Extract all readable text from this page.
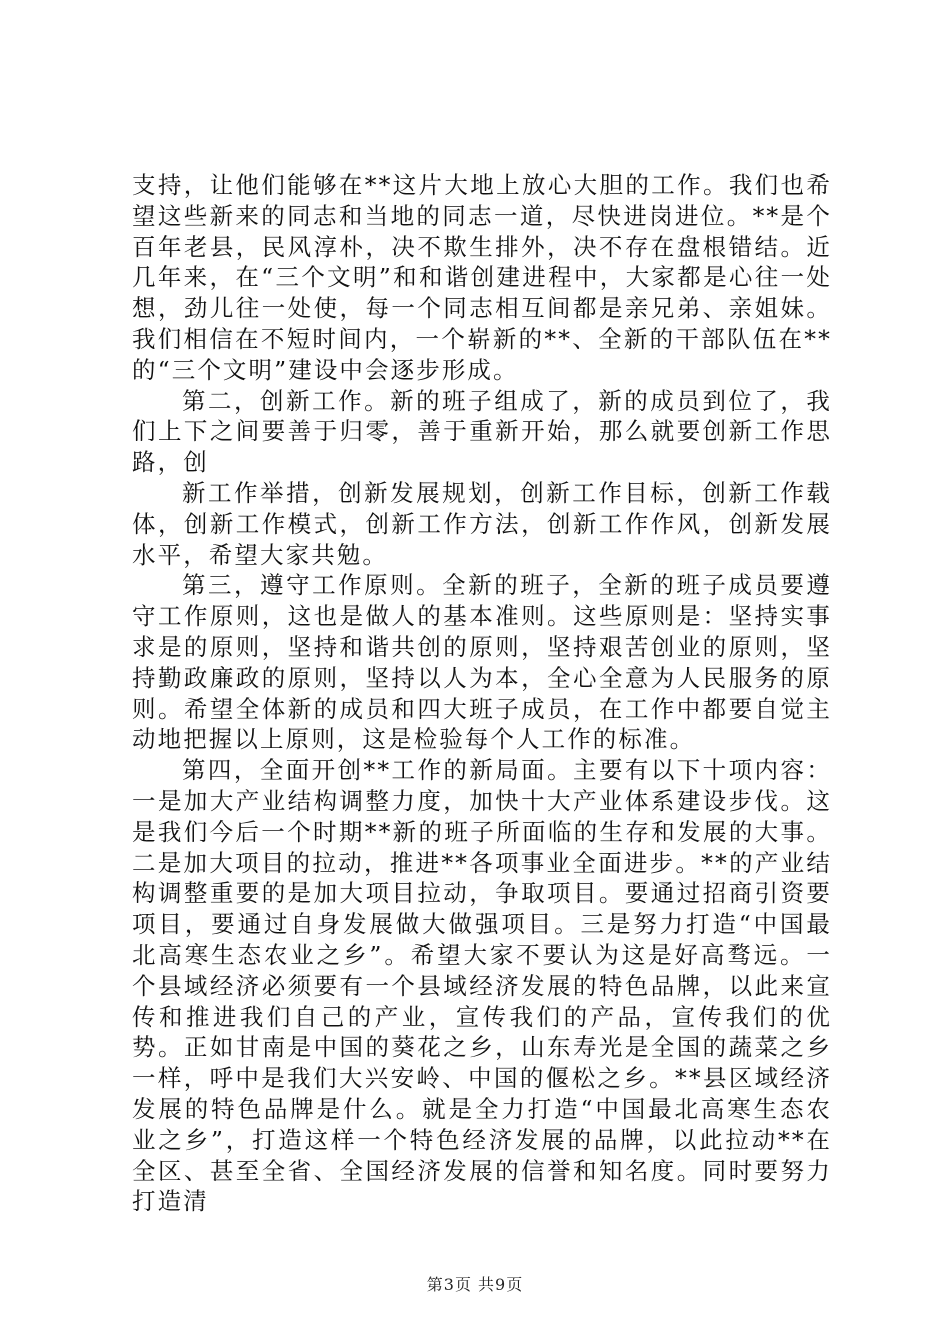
支持，让他们能够在**这片大地上放心大胆的工作。我们也希望这些新来的同志和当地的同志一道，尽快进岗进位。**是个百年老县，民风淳朴，决不欺生排外，决不存在盘根错结。近几年来，在“三个文明”和和谐创建进程中，大家都是心往一处想，劲儿往一处使，每一个同志相互间都是亲兄弟、亲姐妹。我们相信在不短时间内，一个崭新的**、全新的干部队伍在**的“三个文明”建设中会逐步形成。

第二，创新工作。新的班子组成了，新的成员到位了，我们上下之间要善于归零，善于重新开始，那么就要创新工作思路，创

新工作举措，创新发展规划，创新工作目标，创新工作载体，创新工作模式，创新工作方法，创新工作作风，创新发展水平，希望大家共勉。

第三，遵守工作原则。全新的班子，全新的班子成员要遵守工作原则，这也是做人的基本准则。这些原则是：坚持实事求是的原则，坚持和谐共创的原则，坚持艰苦创业的原则，坚持勤政廉政的原则，坚持以人为本，全心全意为人民服务的原则。希望全体新的成员和四大班子成员，在工作中都要自觉主动地把握以上原则，这是检验每个人工作的标准。

第四，全面开创**工作的新局面。主要有以下十项内容：一是加大产业结构调整力度，加快十大产业体系建设步伐。这是我们今后一个时期**新的班子所面临的生存和发展的大事。二是加大项目的拉动，推进**各项事业全面进步。**的产业结构调整重要的是加大项目拉动，争取项目。要通过招商引资要项目，要通过自身发展做大做强项目。三是努力打造“中国最北高寒生态农业之乡”。希望大家不要认为这是好高骛远。一个县域经济必须要有一个县域经济发展的特色品牌，以此来宣传和推进我们自己的产业，宣传我们的产品，宣传我们的优势。正如甘南是中国的葵花之乡，山东寿光是全国的蔬菜之乡一样，呼中是我们大兴安岭、中国的偃松之乡。**县区域经济发展的特色品牌是什么。就是全力打造“中国最北高寒生态农业之乡”，打造这样一个特色经济发展的品牌，以此拉动**在全区、甚至全省、全国经济发展的信誉和知名度。同时要努力打造清

第3页 共9页
